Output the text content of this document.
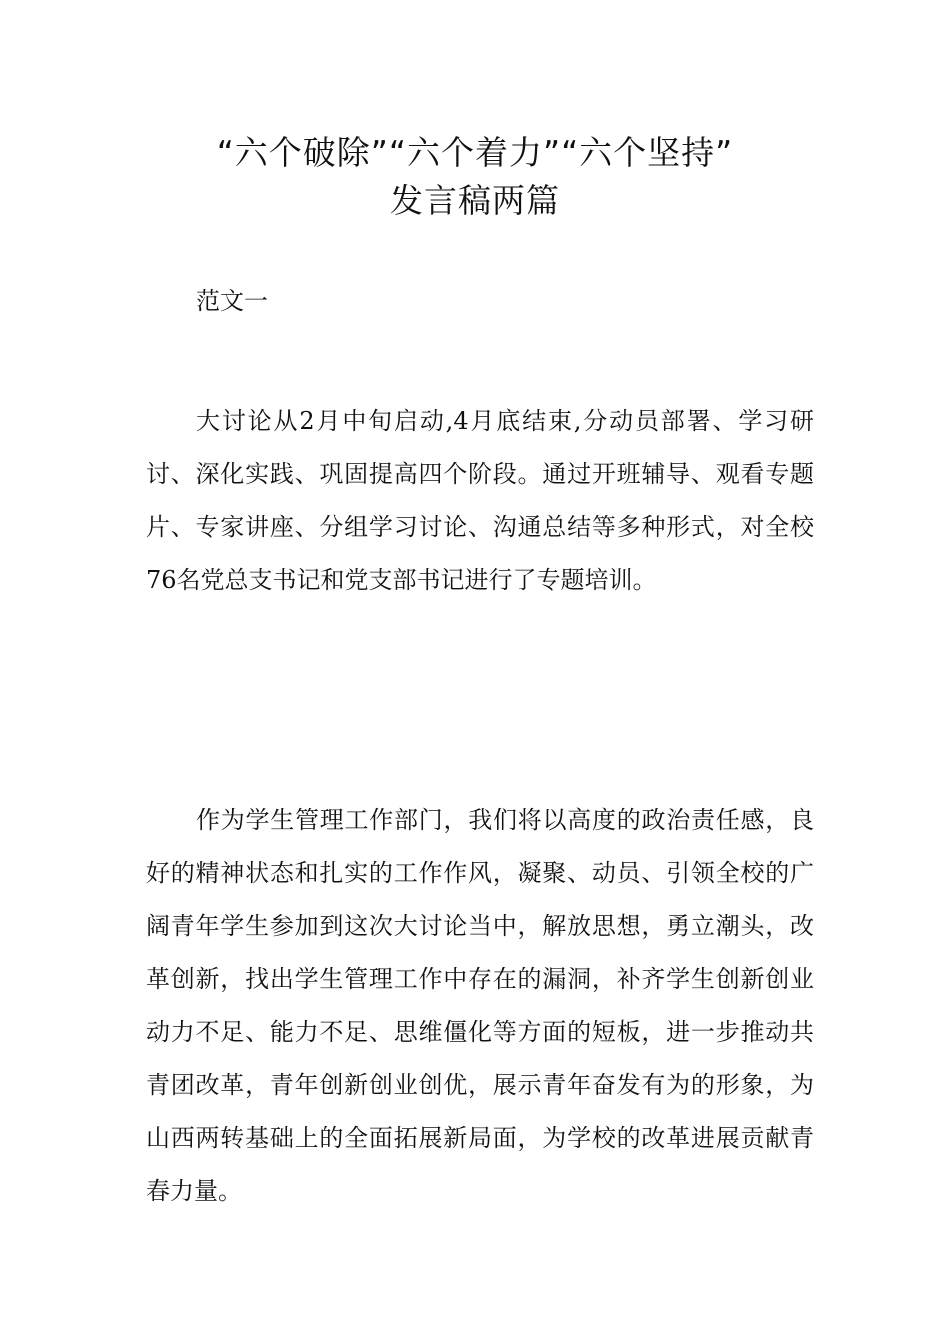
“六个破除”“六个着力”“六个坚持”
发言稿两篇
范文一

大讨论从2月中旬启动,4月底结束,分动员部署、学习研讨、深化实践、巩固提高四个阶段。通过开班辅导、观看专题片、专家讲座、分组学习讨论、沟通总结等多种形式，对全校76名党总支书记和党支部书记进行了专题培训。

作为学生管理工作部门，我们将以高度的政治责任感，良好的精神状态和扎实的工作作风，凝聚、动员、引领全校的广阔青年学生参加到这次大讨论当中，解放思想，勇立潮头，改革创新，找出学生管理工作中存在的漏洞，补齐学生创新创业动力不足、能力不足、思维僵化等方面的短板，进一步推动共青团改革，青年创新创业创优，展示青年奋发有为的形象，为山西两转基础上的全面拓展新局面，为学校的改革进展贡献青春力量。
